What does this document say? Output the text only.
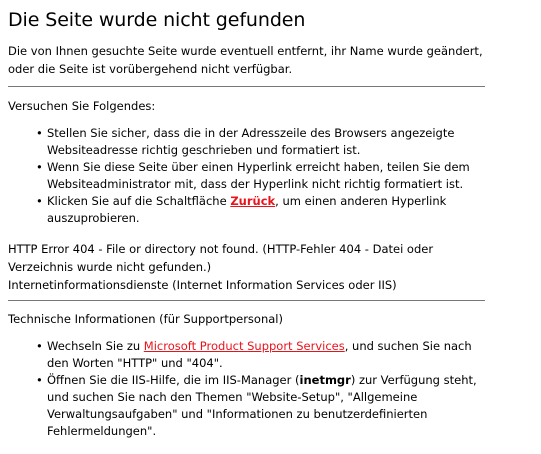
Die Seite wurde nicht gefunden
Die von Ihnen gesuchte Seite wurde eventuell entfernt, ihr Name wurde geändert, oder die Seite ist vorübergehend nicht verfügbar.
Versuchen Sie Folgendes:
• Stellen Sie sicher, dass die in der Adresszeile des Browsers angezeigte Websiteadresse richtig geschrieben und formatiert ist.
• Wenn Sie diese Seite über einen Hyperlink erreicht haben, teilen Sie dem Websiteadministrator mit, dass der Hyperlink nicht richtig formatiert ist.
• Klicken Sie auf die Schaltfläche Zurück, um einen anderen Hyperlink auszuprobieren.
HTTP Error 404 - File or directory not found. (HTTP-Fehler 404 - Datei oder Verzeichnis wurde nicht gefunden.)
Internetinformationsdienste (Internet Information Services oder IIS)
Technische Informationen (für Supportpersonal)
• Wechseln Sie zu Microsoft Product Support Services, und suchen Sie nach den Worten "HTTP" und "404".
• Öffnen Sie die IIS-Hilfe, die im IIS-Manager (inetmgr) zur Verfügung steht, und suchen Sie nach den Themen "Website-Setup", "Allgemeine Verwaltungsaufgaben" und "Informationen zu benutzerdefinierten Fehlermeldungen".
